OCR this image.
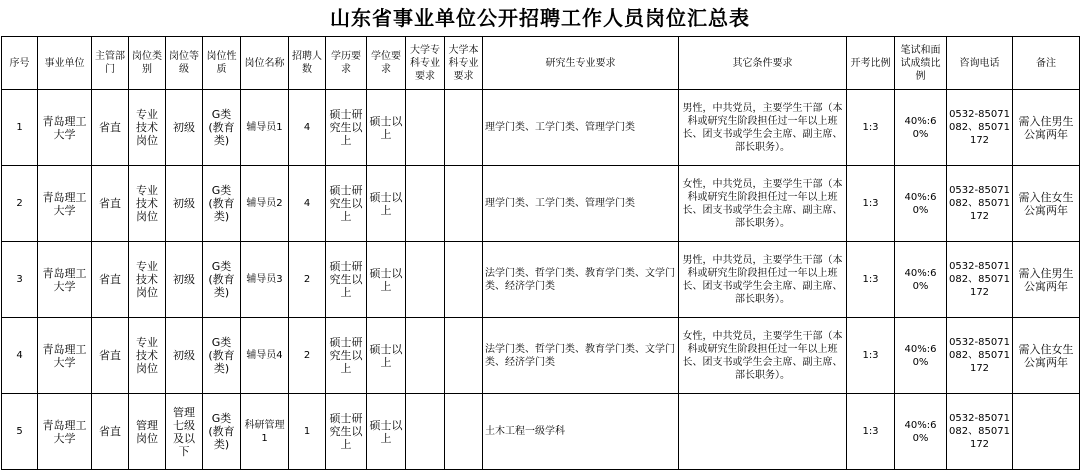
山东省事业单位公开招聘工作人员岗位汇总表
序号	事业单位	主管部门	岗位类别	岗位等级	岗位性质	岗位名称	招聘人数	学历要求	学位要求	大学专科专业要求	大学本科专业要求	研究生专业要求	其它条件要求	开考比例	笔试和面试成绩比例	咨询电话	备注
1	青岛理工大学	省直	专业技术岗位	初级	G类(教育类)	辅导员1	4	硕士研究生以上	硕士以上			理学门类、工学门类、管理学门类	男性，中共党员，主要学生干部（本科或研究生阶段担任过一年以上班长、团支书或学生会主席、副主席、部长职务）。	1:3	40%:60%	0532-85071082、85071172	需入住男生公寓两年
2	青岛理工大学	省直	专业技术岗位	初级	G类(教育类)	辅导员2	4	硕士研究生以上	硕士以上			理学门类、工学门类、管理学门类	女性，中共党员，主要学生干部（本科或研究生阶段担任过一年以上班长、团支书或学生会主席、副主席、部长职务）。	1:3	40%:60%	0532-85071082、85071172	需入住女生公寓两年
3	青岛理工大学	省直	专业技术岗位	初级	G类(教育类)	辅导员3	2	硕士研究生以上	硕士以上			法学门类、哲学门类、教育学门类、文学门类、经济学门类	男性，中共党员，主要学生干部（本科或研究生阶段担任过一年以上班长、团支书或学生会主席、副主席、部长职务）。	1:3	40%:60%	0532-85071082、85071172	需入住男生公寓两年
4	青岛理工大学	省直	专业技术岗位	初级	G类(教育类)	辅导员4	2	硕士研究生以上	硕士以上			法学门类、哲学门类、教育学门类、文学门类、经济学门类	女性，中共党员，主要学生干部（本科或研究生阶段担任过一年以上班长、团支书或学生会主席、副主席、部长职务）。	1:3	40%:60%	0532-85071082、85071172	需入住女生公寓两年
5	青岛理工大学	省直	管理岗位	管理七级及以下	G类(教育类)	科研管理1	1	硕士研究生以上	硕士以上			土木工程一级学科		1:3	40%:60%	0532-85071082、85071172	
